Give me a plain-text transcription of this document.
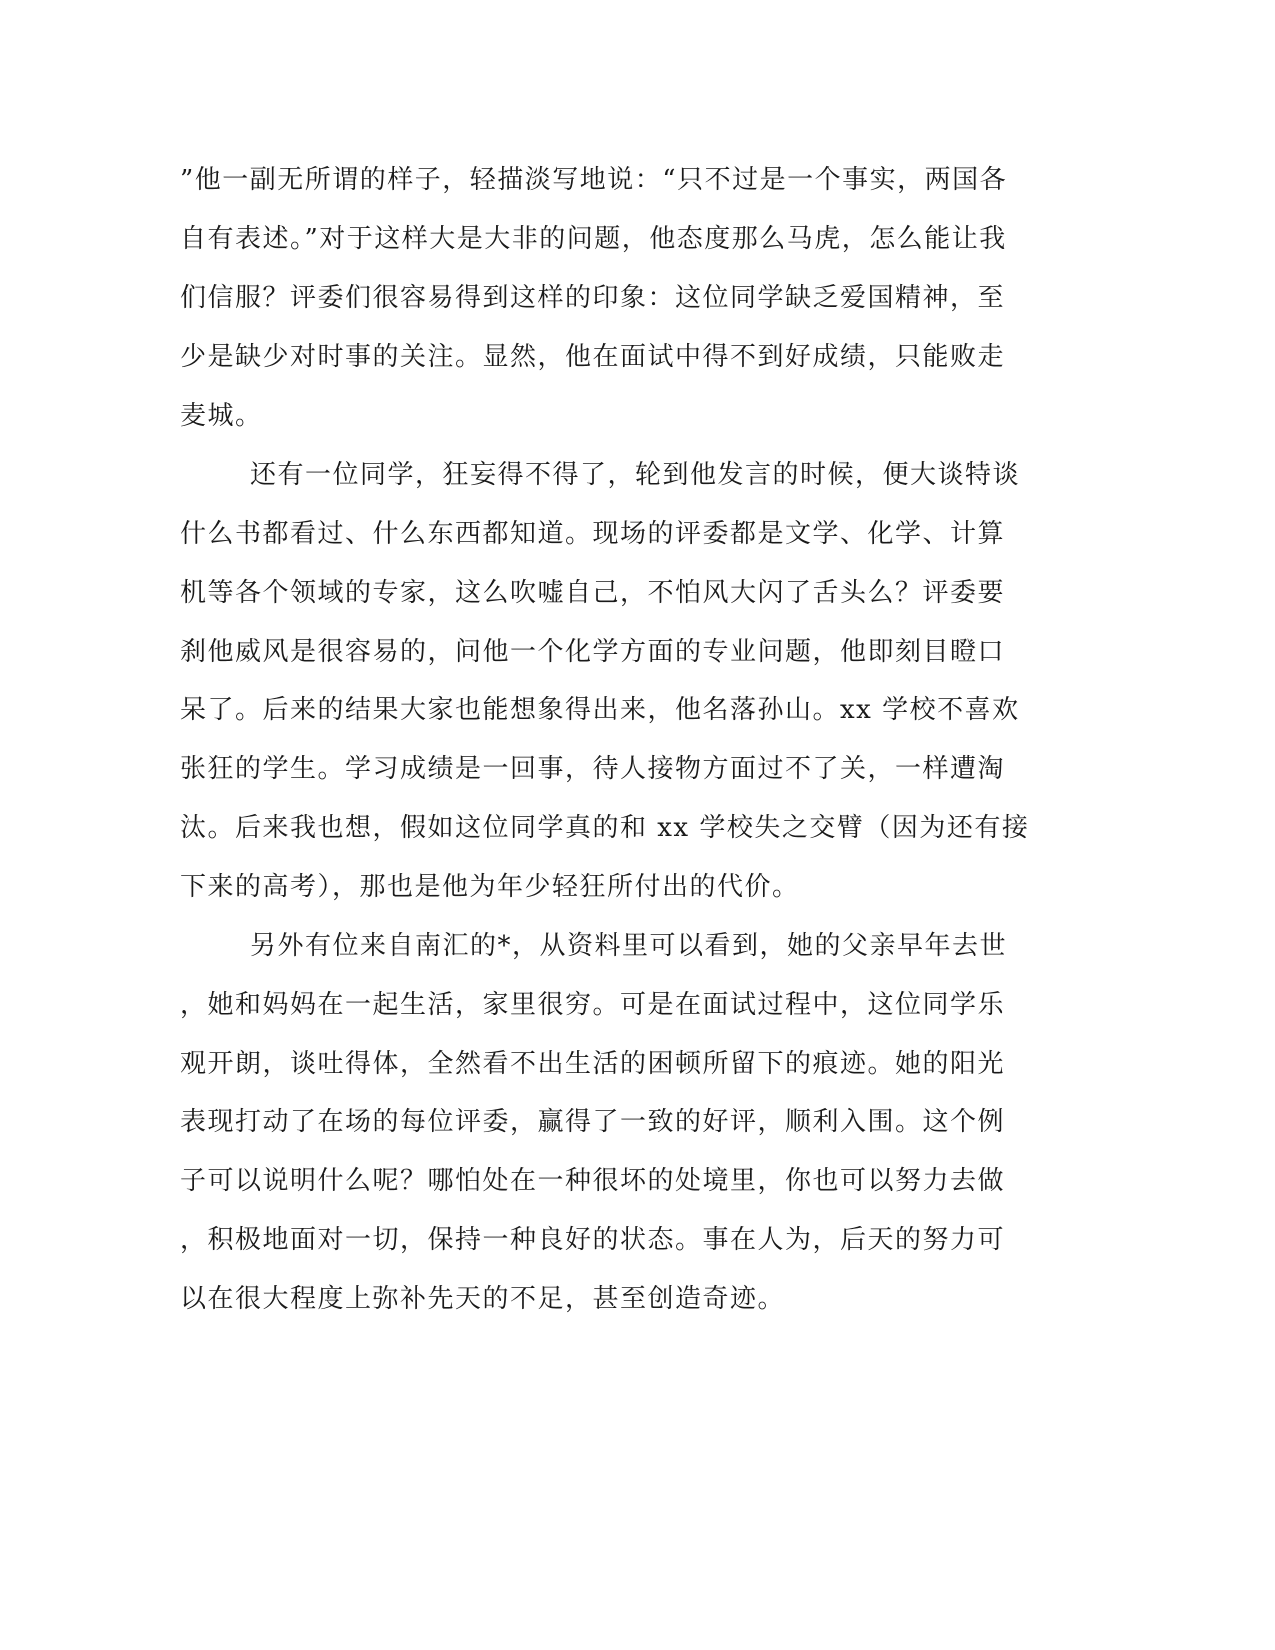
”他一副无所谓的样子，轻描淡写地说：“只不过是一个事实，两国各
自有表述。”对于这样大是大非的问题，他态度那么马虎，怎么能让我
们信服？评委们很容易得到这样的印象：这位同学缺乏爱国精神，至
少是缺少对时事的关注。显然，他在面试中得不到好成绩，只能败走
麦城。
还有一位同学，狂妄得不得了，轮到他发言的时候，便大谈特谈
什么书都看过、什么东西都知道。现场的评委都是文学、化学、计算
机等各个领域的专家，这么吹嘘自己，不怕风大闪了舌头么？评委要
刹他威风是很容易的，问他一个化学方面的专业问题，他即刻目瞪口
呆了。后来的结果大家也能想象得出来，他名落孙山。xx 学校不喜欢
张狂的学生。学习成绩是一回事，待人接物方面过不了关，一样遭淘
汰。后来我也想，假如这位同学真的和 xx 学校失之交臂（因为还有接
下来的高考），那也是他为年少轻狂所付出的代价。
另外有位来自南汇的*，从资料里可以看到，她的父亲早年去世
，她和妈妈在一起生活，家里很穷。可是在面试过程中，这位同学乐
观开朗，谈吐得体，全然看不出生活的困顿所留下的痕迹。她的阳光
表现打动了在场的每位评委，赢得了一致的好评，顺利入围。这个例
子可以说明什么呢？哪怕处在一种很坏的处境里，你也可以努力去做
，积极地面对一切，保持一种良好的状态。事在人为，后天的努力可
以在很大程度上弥补先天的不足，甚至创造奇迹。
